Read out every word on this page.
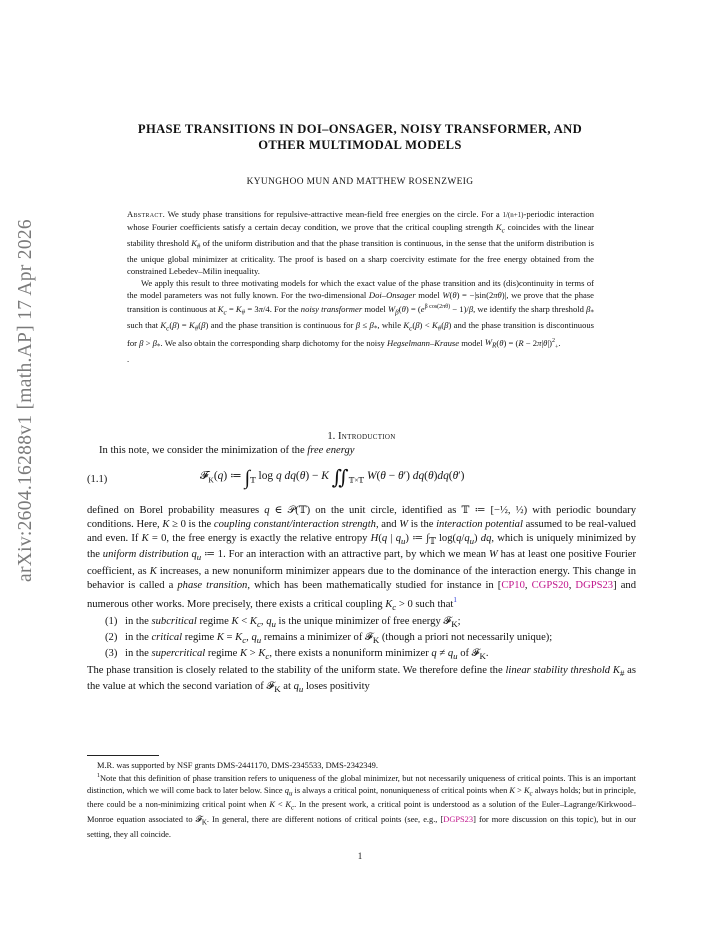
arXiv:2604.16288v1 [math.AP] 17 Apr 2026
PHASE TRANSITIONS IN DOI–ONSAGER, NOISY TRANSFORMER, AND
OTHER MULTIMODAL MODELS
KYUNGHOO MUN AND MATTHEW ROSENZWEIG

Abstract. We study phase transitions for repulsive-attractive mean-field free energies on the circle. For a 1/(n+1)-periodic interaction whose Fourier coefficients satisfy a certain decay condition, we prove that the critical coupling strength $K_c$ coincides with the linear stability threshold $K_{\#}$ of the uniform distribution and that the phase transition is continuous, in the sense that the uniform distribution is the unique global minimizer at criticality. The proof is based on a sharp coercivity estimate for the free energy obtained from the constrained Lebedev–Milin inequality.

We apply this result to three motivating models for which the exact value of the phase transition and its (dis)continuity in terms of the model parameters was not fully known. For the two-dimensional Doi–Onsager model W(θ) = −|sin(2πθ)|, we prove that the phase transition is continuous at $K_c = K_{\#} = 3\pi/4$. For the noisy transformer model $W_\beta(\theta) = (e^{\beta cos(2\pi\theta)} - 1)/\beta$, we identify the sharp threshold $\beta_*$ such that $K_c(\beta) = K_{\#}(\beta)$ and the phase transition is continuous for $\beta \le \beta_*$, while $K_c(\beta) < K_{\#}(\beta)$ and the phase transition is discontinuous for $\beta > \beta_*$. We also obtain the corresponding sharp dichotomy for the noisy Hegselmann–Krause model $W_R(\theta) = (R - 2\pi|\theta|)^2_+$.

.

1. Introduction

In this note, we consider the minimization of the free energy

(1.1)	𝓕$_K$(q) ≔ $\int_𝕋$ log q dq(θ) − K $∬_{𝕋\times 𝕋}$ W(θ − θ′) dq(θ)dq(θ′)

defined on Borel probability measures q ∈ 𝒫(𝕋) on the unit circle, identified as 𝕋 ≔ [−½, ½) with periodic boundary conditions. Here, K ≥ 0 is the coupling constant/interaction strength, and W is the interaction potential assumed to be real-valued and even. If K = 0, the free energy is exactly the relative entropy H(q | $q_u$) ≔ $\int_𝕋$ $\log(q/q_u)$ dq, which is uniquely minimized by the uniform distribution $q_u$ ≔ 1. For an interaction with an attractive part, by which we mean W has at least one positive Fourier coefficient, as K increases, a new nonuniform minimizer appears due to the dominance of the interaction energy. This change in behavior is called a phase transition, which has been mathematically studied for instance in [CP10, CGPS20, DGPS23] and numerous other works. More precisely, there exists a critical coupling $K_c > 0$ such that$^1$

(1) in the subcritical regime $K < K_c$, $q_u$ is the unique minimizer of free energy 𝓕$_K$;

(2) in the critical regime $K = K_c$, $q_u$ remains a minimizer of 𝓕$_K$ (though a priori not necessarily unique);

(3) in the supercritical regime $K > K_c$, there exists a nonuniform minimizer $q \ne q_u$ of 𝓕$_K$.

The phase transition is closely related to the stability of the uniform state. We therefore define the linear stability threshold $K_{\#}$ as the value at which the second variation of 𝓕$_K$ at $q_u$ loses positivity

M.R. was supported by NSF grants DMS-2441170, DMS-2345533, DMS-2342349.

$^1$Note that this definition of phase transition refers to uniqueness of the global minimizer, but not necessarily uniqueness of critical points. This is an important distinction, which we will come back to later below. Since $q_u$ is always a critical point, nonuniqueness of critical points when $K > K_c$ always holds; but in principle, there could be a non-minimizing critical point when $K < K_c$. In the present work, a critical point is understood as a solution of the Euler–Lagrange/Kirkwood–Monroe equation associated to 𝓕$_K$. In general, there are different notions of critical points (see, e.g., [DGPS23] for more discussion on this topic), but in our setting, they all coincide.

1
